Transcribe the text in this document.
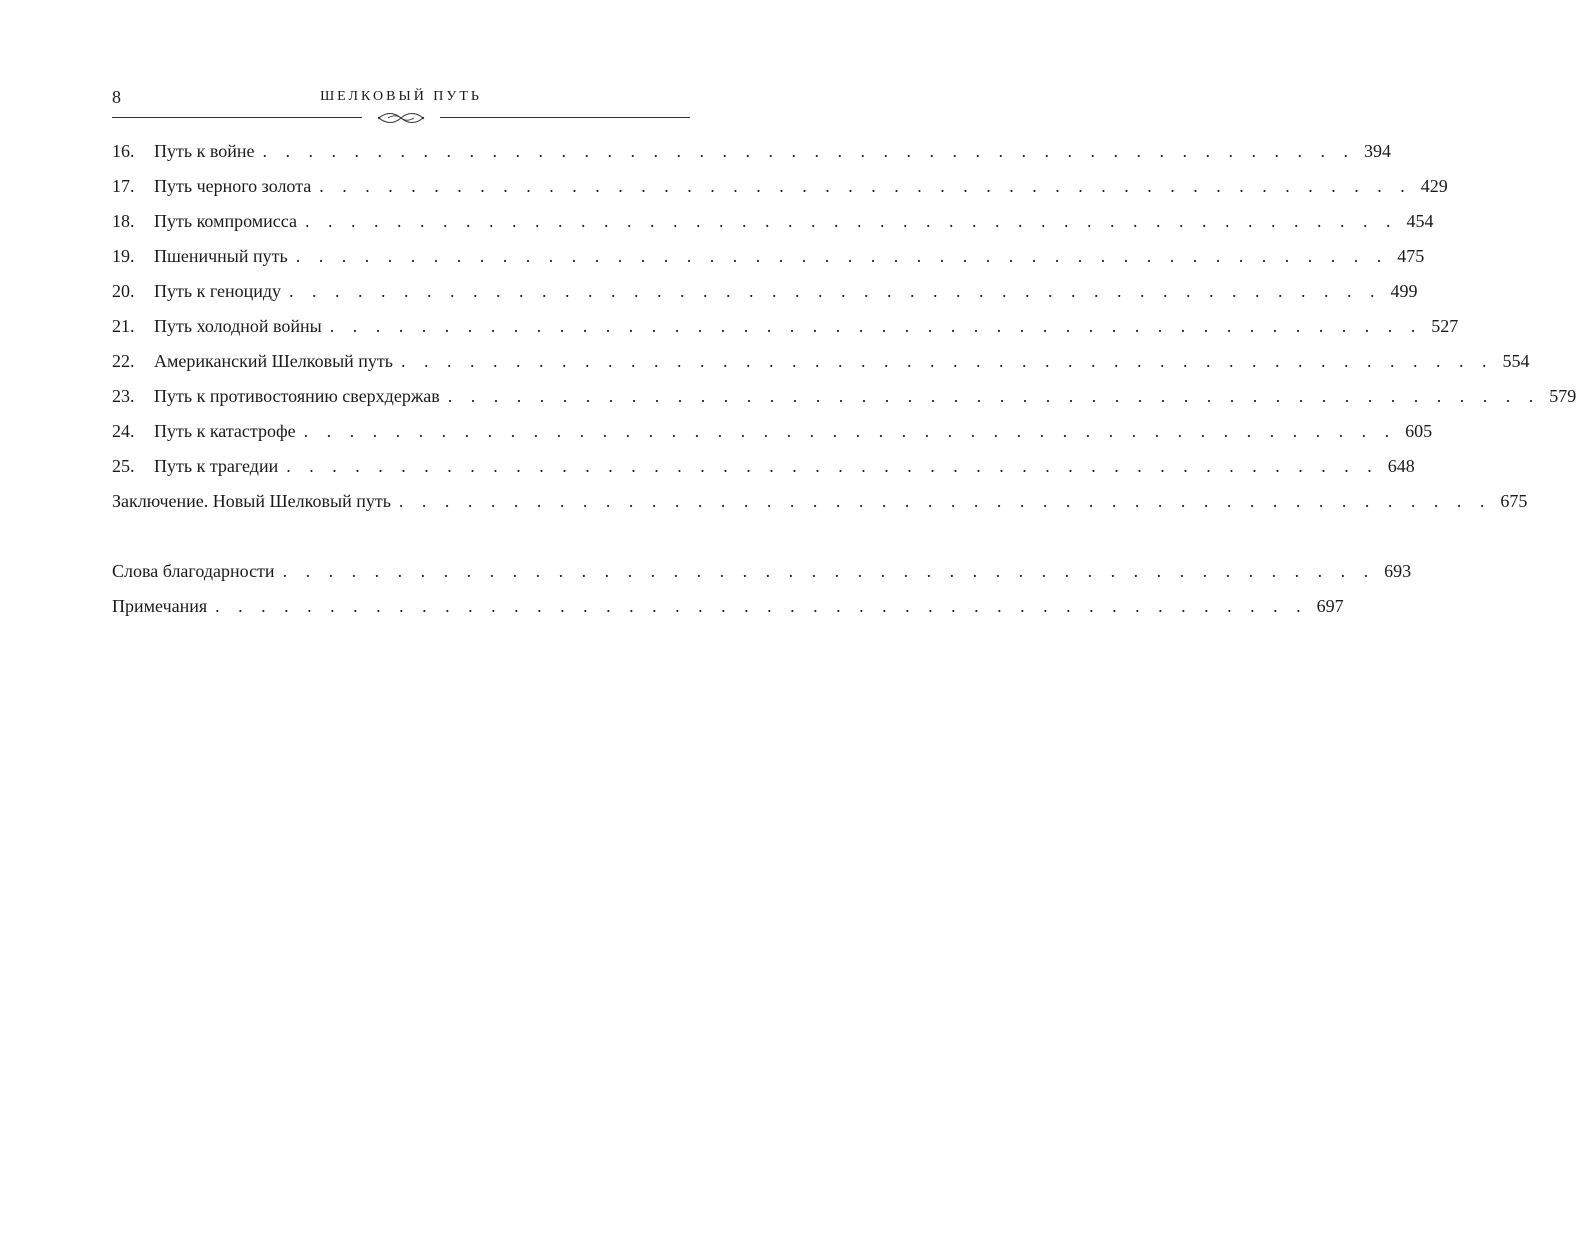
8	ШЕЛКОВЫЙ ПУТЬ
16.	Путь к войне . . . . . . . . . . . . . . . . . . . . . . . . . . . . . . . . . . . . . . . . . . . . . . . . 394
17.	Путь черного золота . . . . . . . . . . . . . . . . . . . . . . . . . . . . . . . . . . . . . . . . . . . . . . . . 429
18.	Путь компромисса . . . . . . . . . . . . . . . . . . . . . . . . . . . . . . . . . . . . . . . . . . . . . . . . 454
19.	Пшеничный путь . . . . . . . . . . . . . . . . . . . . . . . . . . . . . . . . . . . . . . . . . . . . . . . . 475
20.	Путь к геноциду . . . . . . . . . . . . . . . . . . . . . . . . . . . . . . . . . . . . . . . . . . . . . . . . 499
21.	Путь холодной войны . . . . . . . . . . . . . . . . . . . . . . . . . . . . . . . . . . . . . . . . . . . . . . . . 527
22.	Американский Шелковый путь . . . . . . . . . . . . . . . . . . . . . . . . . . . . . . . . . . . . . . . . . . . . . . . . 554
23.	Путь к противостоянию сверхдержав . . . . . . . . . . . . . . . . . . . . . . . . . . . . . . . . . . . . . . . . . . . . . . . . 579
24.	Путь к катастрофе . . . . . . . . . . . . . . . . . . . . . . . . . . . . . . . . . . . . . . . . . . . . . . . . 605
25.	Путь к трагедии . . . . . . . . . . . . . . . . . . . . . . . . . . . . . . . . . . . . . . . . . . . . . . . . 648
Заключение. Новый Шелковый путь . . . . . . . . . . . . . . . . . . . . . . . . . . . . . . . . . . . . . . . . . . . . . . . . 675
Слова благодарности . . . . . . . . . . . . . . . . . . . . . . . . . . . . . . . . . . . . . . . . . . . . . . . . 693
Примечания . . . . . . . . . . . . . . . . . . . . . . . . . . . . . . . . . . . . . . . . . . . . . . . . 697
